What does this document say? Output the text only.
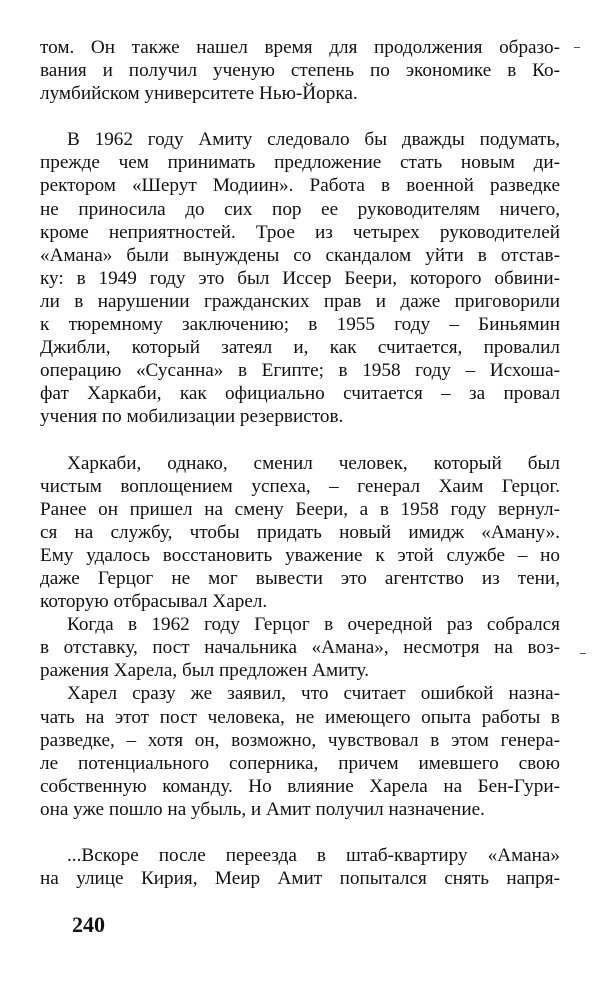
том. Он также нашел время для продолжения образо-
вания и получил ученую степень по экономике в Ко-
лумбийском университете Нью-Йорка.
В 1962 году Амиту следовало бы дважды подумать,
прежде чем принимать предложение стать новым ди-
ректором «Шерут Модиин». Работа в военной разведке
не приносила до сих пор ее руководителям ничего,
кроме неприятностей. Трое из четырех руководителей
«Амана» были вынуждены со скандалом уйти в отстав-
ку: в 1949 году это был Иссер Беери, которого обвини-
ли в нарушении гражданских прав и даже приговорили
к тюремному заключению; в 1955 году – Биньямин
Джибли, который затеял и, как считается, провалил
операцию «Сусанна» в Египте; в 1958 году – Исхоша-
фат Харкаби, как официально считается – за провал
учения по мобилизации резервистов.
Харкаби, однако, сменил человек, который был
чистым воплощением успеха, – генерал Хаим Герцог.
Ранее он пришел на смену Беери, а в 1958 году вернул-
ся на службу, чтобы придать новый имидж «Аману».
Ему удалось восстановить уважение к этой службе – но
даже Герцог не мог вывести это агентство из тени,
которую отбрасывал Харел.
Когда в 1962 году Герцог в очередной раз собрался
в отставку, пост начальника «Амана», несмотря на воз-
ражения Харела, был предложен Амиту.
Харел сразу же заявил, что считает ошибкой назна-
чать на этот пост человека, не имеющего опыта работы в
разведке, – хотя он, возможно, чувствовал в этом генера-
ле потенциального соперника, причем имевшего свою
собственную команду. Но влияние Харела на Бен-Гури-
она уже пошло на убыль, и Амит получил назначение.
...Вскоре после переезда в штаб-квартиру «Амана»
на улице Кирия, Меир Амит попытался снять напря-
240
